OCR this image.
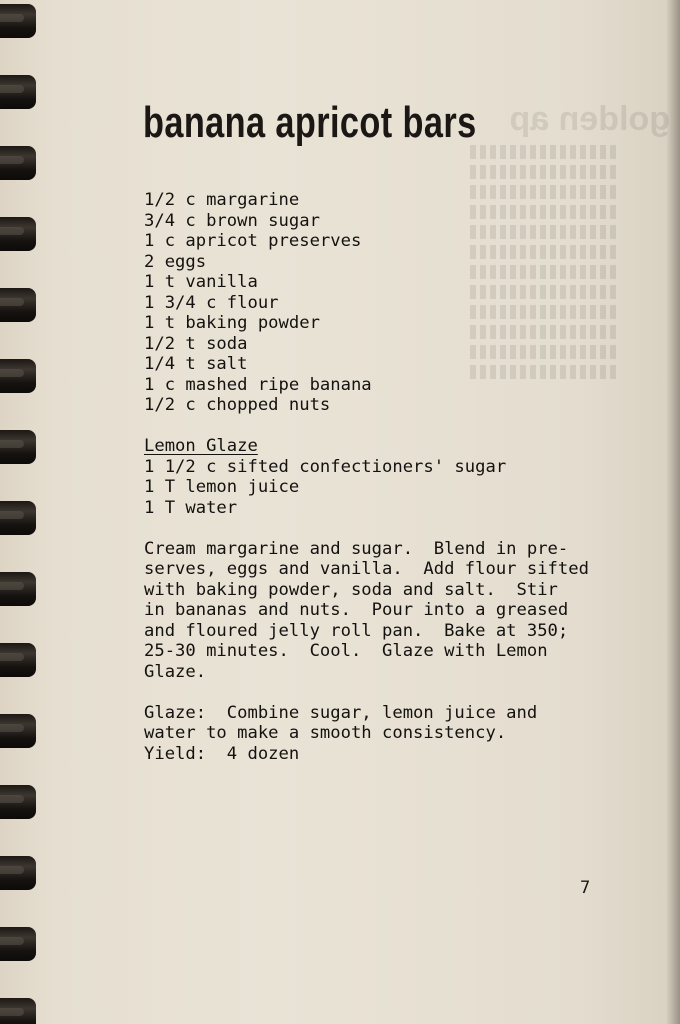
golden ap
banana apricot bars
1/2 c margarine
3/4 c brown sugar
1 c apricot preserves
2 eggs
1 t vanilla
1 3/4 c flour
1 t baking powder
1/2 t soda
1/4 t salt
1 c mashed ripe banana
1/2 c chopped nuts
Lemon Glaze
1 1/2 c sifted confectioners' sugar
1 T lemon juice
1 T water
Cream margarine and sugar.  Blend in pre-
serves, eggs and vanilla.  Add flour sifted
with baking powder, soda and salt.  Stir
in bananas and nuts.  Pour into a greased
and floured jelly roll pan.  Bake at 350;
25-30 minutes.  Cool.  Glaze with Lemon
Glaze.
Glaze:  Combine sugar, lemon juice and
water to make a smooth consistency.
Yield:  4 dozen
7
